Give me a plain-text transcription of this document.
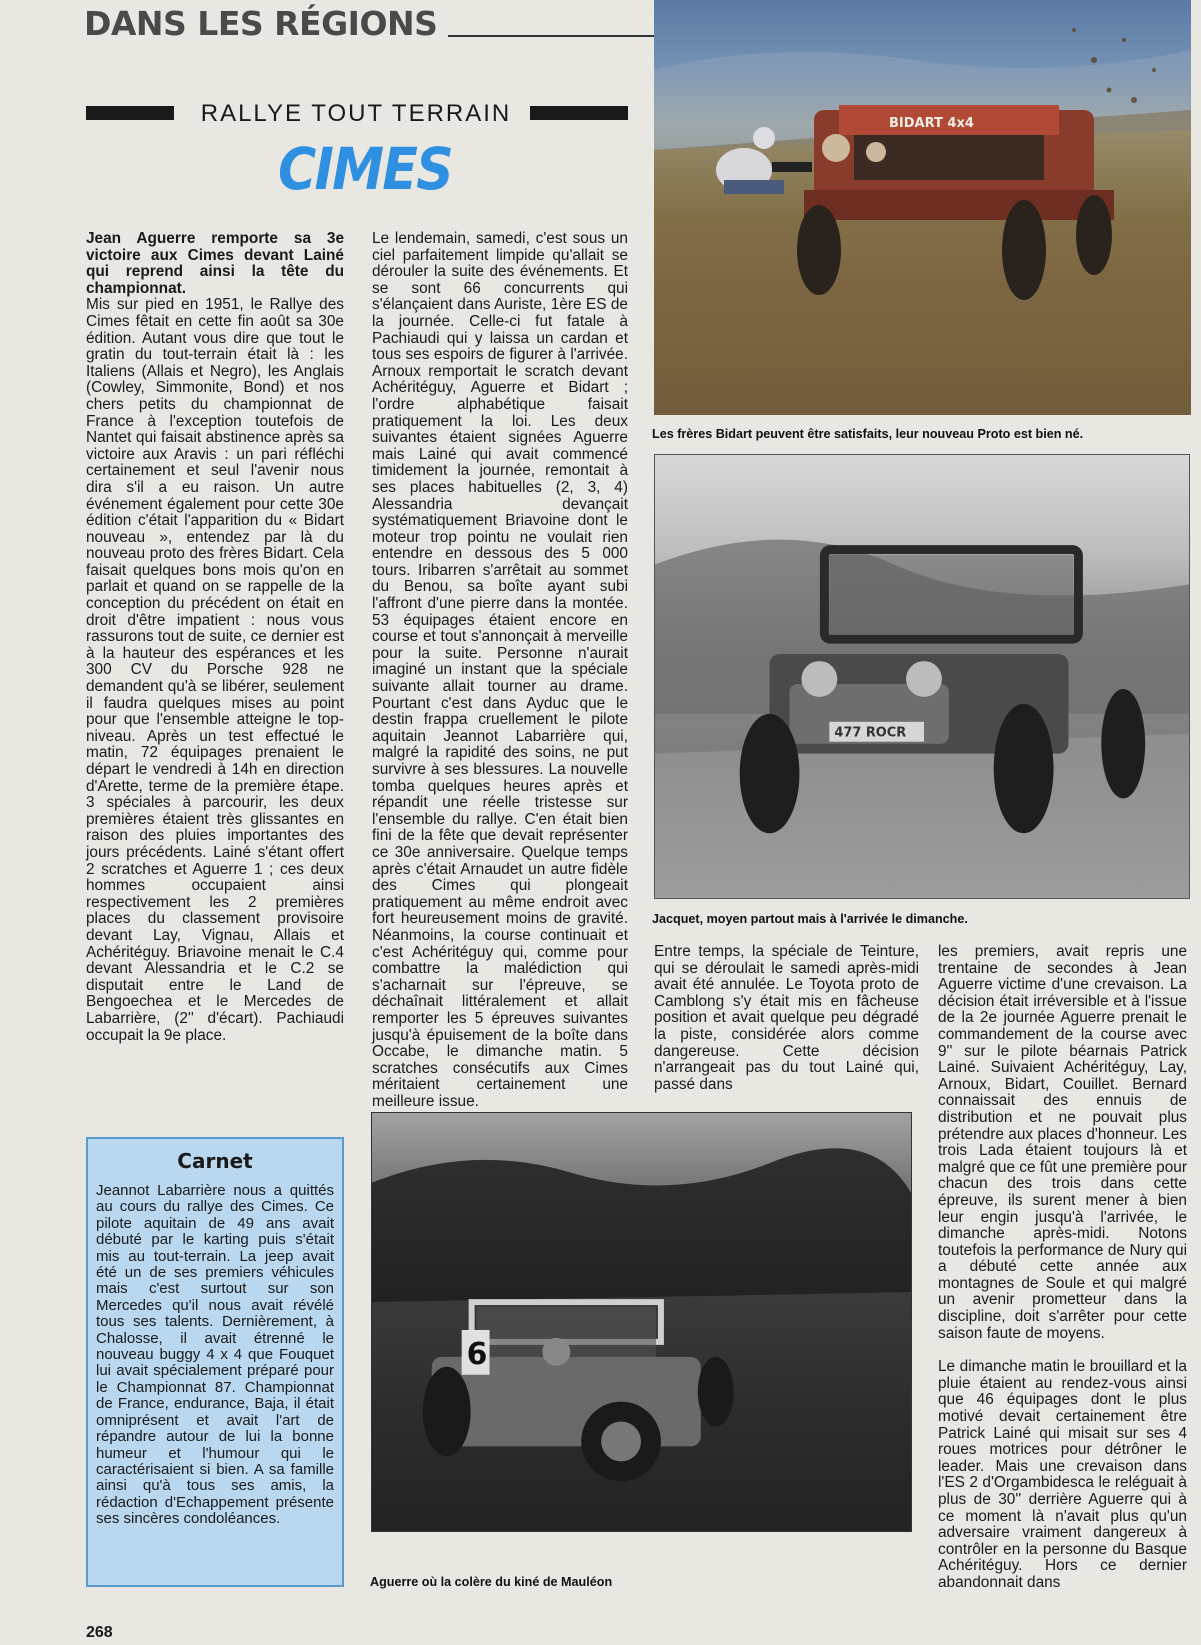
DANS LES RÉGIONS
RALLYE TOUT TERRAIN
CIMES

Jean Aguerre remporte sa 3e victoire aux Cimes devant Lainé qui reprend ainsi la tête du championnat.

Mis sur pied en 1951, le Rallye des Cimes fêtait en cette fin août sa 30e édition. Autant vous dire que tout le gratin du tout-terrain était là : les Italiens (Allais et Negro), les Anglais (Cowley, Simmonite, Bond) et nos chers petits du championnat de France à l'exception toutefois de Nantet qui faisait abstinence après sa victoire aux Aravis : un pari réfléchi certainement et seul l'avenir nous dira s'il a eu raison. Un autre événement également pour cette 30e édition c'était l'apparition du « Bidart nouveau », entendez par là du nouveau proto des frères Bidart. Cela faisait quelques bons mois qu'on en parlait et quand on se rappelle de la conception du précédent on était en droit d'être impatient : nous vous rassurons tout de suite, ce dernier est à la hauteur des espérances et les 300 CV du Porsche 928 ne demandent qu'à se libérer, seulement il faudra quelques mises au point pour que l'ensemble atteigne le top-niveau. Après un test effectué le matin, 72 équipages prenaient le départ le vendredi à 14h en direction d'Arette, terme de la première étape. 3 spéciales à parcourir, les deux premières étaient très glissantes en raison des pluies importantes des jours précédents. Lainé s'étant offert 2 scratches et Aguerre 1 ; ces deux hommes occupaient ainsi respectivement les 2 premières places du classement provisoire devant Lay, Vignau, Allais et Achéritéguy. Briavoine menait le C.4 devant Alessandria et le C.2 se disputait entre le Land de Bengoechea et le Mercedes de Labarrière, (2'' d'écart). Pachiaudi occupait la 9e place.

Le lendemain, samedi, c'est sous un ciel parfaitement limpide qu'allait se dérouler la suite des événements. Et se sont 66 concurrents qui s'élançaient dans Auriste, 1ère ES de la journée. Celle-ci fut fatale à Pachiaudi qui y laissa un cardan et tous ses espoirs de figurer à l'arrivée. Arnoux remportait le scratch devant Achéritéguy, Aguerre et Bidart ; l'ordre alphabétique faisait pratiquement la loi. Les deux suivantes étaient signées Aguerre mais Lainé qui avait commencé timidement la journée, remontait à ses places habituelles (2, 3, 4) Alessandria devançait systématiquement Briavoine dont le moteur trop pointu ne voulait rien entendre en dessous des 5 000 tours. Iribarren s'arrêtait au sommet du Benou, sa boîte ayant subi l'affront d'une pierre dans la montée. 53 équipages étaient encore en course et tout s'annonçait à merveille pour la suite. Personne n'aurait imaginé un instant que la spéciale suivante allait tourner au drame. Pourtant c'est dans Ayduc que le destin frappa cruellement le pilote aquitain Jeannot Labarrière qui, malgré la rapidité des soins, ne put survivre à ses blessures. La nouvelle tomba quelques heures après et répandit une réelle tristesse sur l'ensemble du rallye. C'en était bien fini de la fête que devait représenter ce 30e anniversaire. Quelque temps après c'était Arnaudet un autre fidèle des Cimes qui plongeait pratiquement au même endroit avec fort heureusement moins de gravité. Néanmoins, la course continuait et c'est Achéritéguy qui, comme pour combattre la malédiction qui s'acharnait sur l'épreuve, se déchaînait littéralement et allait remporter les 5 épreuves suivantes jusqu'à épuisement de la boîte dans Occabe, le dimanche matin. 5 scratches consécutifs aux Cimes méritaient certainement une meilleure issue.

Entre temps, la spéciale de Teinture, qui se déroulait le samedi après-midi avait été annulée. Le Toyota proto de Camblong s'y était mis en fâcheuse position et avait quelque peu dégradé la piste, considérée alors comme dangereuse. Cette décision n'arrangeait pas du tout Lainé qui, passé dans

les premiers, avait repris une trentaine de secondes à Jean Aguerre victime d'une crevaison. La décision était irréversible et à l'issue de la 2e journée Aguerre prenait le commandement de la course avec 9'' sur le pilote béarnais Patrick Lainé. Suivaient Achéritéguy, Lay, Arnoux, Bidart, Couillet. Bernard connaissait des ennuis de distribution et ne pouvait plus prétendre aux places d'honneur. Les trois Lada étaient toujours là et malgré que ce fût une première pour chacun des trois dans cette épreuve, ils surent mener à bien leur engin jusqu'à l'arrivée, le dimanche après-midi. Notons toutefois la performance de Nury qui a débuté cette année aux montagnes de Soule et qui malgré un avenir prometteur dans la discipline, doit s'arrêter pour cette saison faute de moyens.

Le dimanche matin le brouillard et la pluie étaient au rendez-vous ainsi que 46 équipages dont le plus motivé devait certainement être Patrick Lainé qui misait sur ses 4 roues motrices pour détrôner le leader. Mais une crevaison dans l'ES 2 d'Orgambidesca le reléguait à plus de 30'' derrière Aguerre qui à ce moment là n'avait plus qu'un adversaire vraiment dangereux à contrôler en la personne du Basque Achéritéguy. Hors ce dernier abandonnait dans

Carnet
Jeannot Labarrière nous a quittés au cours du rallye des Cimes. Ce pilote aquitain de 49 ans avait débuté par le karting puis s'était mis au tout-terrain. La jeep avait été un de ses premiers véhicules mais c'est surtout sur son Mercedes qu'il nous avait révélé tous ses talents. Dernièrement, à Chalosse, il avait étrenné le nouveau buggy 4 x 4 que Fouquet lui avait spécialement préparé pour le Championnat 87. Championnat de France, endurance, Baja, il était omniprésent et avait l'art de répandre autour de lui la bonne humeur et l'humour qui le caractérisaient si bien. A sa famille ainsi qu'à tous ses amis, la rédaction d'Echappement présente ses sincères condoléances.
BIDART 4x4
Les frères Bidart peuvent être satisfaits, leur nouveau Proto est bien né.
477 ROCR
Jacquet, moyen partout mais à l'arrivée le dimanche.
6
Aguerre où la colère du kiné de Mauléon
268
